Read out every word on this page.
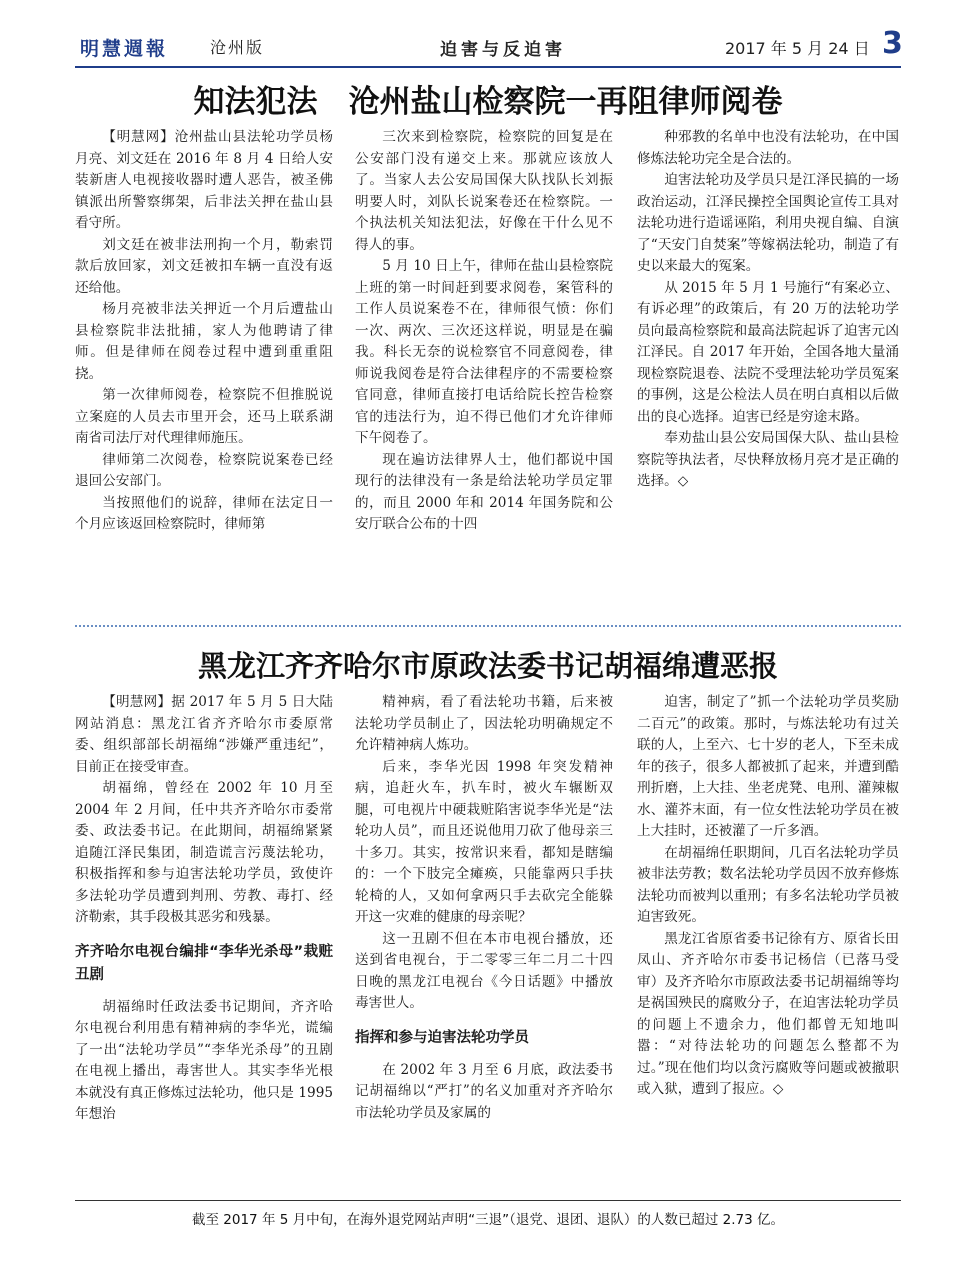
明慧週報	沧州版	迫害与反迫害	2017 年 5 月 24 日 3
知法犯法　沧州盐山检察院一再阻律师阅卷

【明慧网】沧州盐山县法轮功学员杨月亮、刘文廷在 2016 年 8 月 4 日给人安装新唐人电视接收器时遭人恶告，被圣佛镇派出所警察绑架，后非法关押在盐山县看守所。

刘文廷在被非法刑拘一个月，勒索罚款后放回家，刘文廷被扣车辆一直没有返还给他。

杨月亮被非法关押近一个月后遭盐山县检察院非法批捕，家人为他聘请了律师。但是律师在阅卷过程中遭到重重阻挠。

第一次律师阅卷，检察院不但推脱说立案庭的人员去市里开会，还马上联系湖南省司法厅对代理律师施压。

律师第二次阅卷，检察院说案卷已经退回公安部门。

当按照他们的说辞，律师在法定日一个月应该返回检察院时，律师第

三次来到检察院，检察院的回复是在公安部门没有递交上来。那就应该放人了。当家人去公安局国保大队找队长刘振明要人时，刘队长说案卷还在检察院。一个执法机关知法犯法，好像在干什么见不得人的事。

5 月 10 日上午，律师在盐山县检察院上班的第一时间赶到要求阅卷，案管科的工作人员说案卷不在，律师很气愤：你们一次、两次、三次还这样说，明显是在骗我。科长无奈的说检察官不同意阅卷，律师说我阅卷是符合法律程序的不需要检察官同意，律师直接打电话给院长控告检察官的违法行为，迫不得已他们才允许律师下午阅卷了。

现在遍访法律界人士，他们都说中国现行的法律没有一条是给法轮功学员定罪的，而且 2000 年和 2014 年国务院和公安厅联合公布的十四

种邪教的名单中也没有法轮功，在中国修炼法轮功完全是合法的。

迫害法轮功及学员只是江泽民搞的一场政治运动，江泽民操控全国舆论宣传工具对法轮功进行造谣诬陷，利用央视自编、自演了“天安门自焚案”等嫁祸法轮功，制造了有史以来最大的冤案。

从 2015 年 5 月 1 号施行“有案必立、有诉必理”的政策后，有 20 万的法轮功学员向最高检察院和最高法院起诉了迫害元凶江泽民。自 2017 年开始，全国各地大量涌现检察院退卷、法院不受理法轮功学员冤案的事例，这是公检法人员在明白真相以后做出的良心选择。迫害已经是穷途末路。

奉劝盐山县公安局国保大队、盐山县检察院等执法者，尽快释放杨月亮才是正确的选择。◇

黑龙江齐齐哈尔市原政法委书记胡福绵遭恶报

【明慧网】据 2017 年 5 月 5 日大陆网站消息：黑龙江省齐齐哈尔市委原常委、组织部部长胡福绵“涉嫌严重违纪”，目前正在接受审查。

胡福绵，曾经在 2002 年 10 月至 2004 年 2 月间，任中共齐齐哈尔市委常委、政法委书记。在此期间，胡福绵紧紧追随江泽民集团，制造谎言污蔑法轮功，积极指挥和参与迫害法轮功学员，致使许多法轮功学员遭到判刑、劳教、毒打、经济勒索，其手段极其恶劣和残暴。

齐齐哈尔电视台编排“李华光杀母”栽赃丑剧

胡福绵时任政法委书记期间，齐齐哈尔电视台利用患有精神病的李华光，谎编了一出“法轮功学员”“李华光杀母”的丑剧在电视上播出，毒害世人。其实李华光根本就没有真正修炼过法轮功，他只是 1995 年想治

精神病，看了看法轮功书籍，后来被法轮功学员制止了，因法轮功明确规定不允许精神病人炼功。

后来，李华光因 1998 年突发精神病，追赶火车，扒车时，被火车辗断双腿，可电视片中硬栽赃陷害说李华光是“法轮功人员”，而且还说他用刀砍了他母亲三十多刀。其实，按常识来看，都知是瞎编的：一个下肢完全瘫痪，只能靠两只手扶轮椅的人，又如何拿两只手去砍完全能躲开这一灾难的健康的母亲呢？

这一丑剧不但在本市电视台播放，还送到省电视台，于二零零三年二月二十四日晚的黑龙江电视台《今日话题》中播放毒害世人。

指挥和参与迫害法轮功学员

在 2002 年 3 月至 6 月底，政法委书记胡福绵以“严打”的名义加重对齐齐哈尔市法轮功学员及家属的

迫害，制定了”抓一个法轮功学员奖励二百元”的政策。那时，与炼法轮功有过关联的人，上至六、七十岁的老人，下至未成年的孩子，很多人都被抓了起来，并遭到酷刑折磨，上大挂、坐老虎凳、电刑、灌辣椒水、灌芥末面，有一位女性法轮功学员在被上大挂时，还被灌了一斤多酒。

在胡福绵任职期间，几百名法轮功学员被非法劳教；数名法轮功学员因不放弃修炼法轮功而被判以重刑；有多名法轮功学员被迫害致死。

黑龙江省原省委书记徐有方、原省长田凤山、齐齐哈尔市委书记杨信（已落马受审）及齐齐哈尔市原政法委书记胡福绵等均是祸国殃民的腐败分子，在迫害法轮功学员的问题上不遗余力，他们都曾无知地叫嚣：“对待法轮功的问题怎么整都不为过。”现在他们均以贪污腐败等问题或被撤职或入狱，遭到了报应。◇

截至 2017 年 5 月中旬，在海外退党网站声明“三退”（退党、退团、退队）的人数已超过 2.73 亿。
